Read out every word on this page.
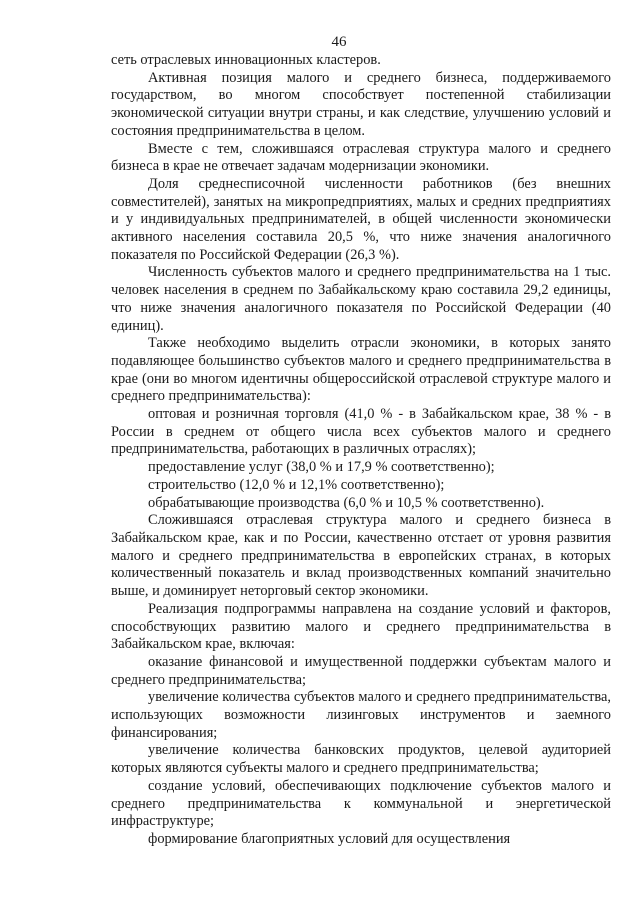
46

сеть отраслевых инновационных кластеров.

Активная позиция малого и среднего бизнеса, поддерживаемого государством, во многом способствует постепенной стабилизации экономической ситуации внутри страны, и как следствие, улучшению условий и состояния предпринимательства в целом.

Вместе с тем, сложившаяся отраслевая структура малого и среднего бизнеса в крае не отвечает задачам модернизации экономики.

Доля среднесписочной численности работников (без внешних совместителей), занятых на микропредприятиях, малых и средних предприятиях и у индивидуальных предпринимателей, в общей численности экономически активного населения составила 20,5 %, что ниже значения аналогичного показателя по Российской Федерации (26,3 %).

Численность субъектов малого и среднего предпринимательства на 1 тыс. человек населения в среднем по Забайкальскому краю составила 29,2 единицы, что ниже значения аналогичного показателя по Российской Федерации (40 единиц).

Также необходимо выделить отрасли экономики, в которых занято подавляющее большинство субъектов малого и среднего предпринимательства в крае (они во многом идентичны общероссийской отраслевой структуре малого и среднего предпринимательства):

оптовая и розничная торговля (41,0 % - в Забайкальском крае, 38 % - в России в среднем от общего числа всех субъектов малого и среднего предпринимательства, работающих в различных отраслях);

предоставление услуг (38,0 % и 17,9 % соответственно);

строительство (12,0 % и 12,1% соответственно);

обрабатывающие производства (6,0 % и 10,5 % соответственно).

Сложившаяся отраслевая структура малого и среднего бизнеса в Забайкальском крае, как и по России, качественно отстает от уровня развития малого и среднего предпринимательства в европейских странах, в которых количественный показатель и вклад производственных компаний значительно выше, и доминирует неторговый сектор экономики.

Реализация подпрограммы направлена на создание условий и факторов, способствующих развитию малого и среднего предпринимательства в Забайкальском крае, включая:

оказание финансовой и имущественной поддержки субъектам малого и среднего предпринимательства;

увеличение количества субъектов малого и среднего предпринимательства, использующих возможности лизинговых инструментов и заемного финансирования;

увеличение количества банковских продуктов, целевой аудиторией которых являются субъекты малого и среднего предпринимательства;

создание условий, обеспечивающих подключение субъектов малого и среднего предпринимательства к коммунальной и энергетической инфраструктуре;

формирование благоприятных условий для осуществления
